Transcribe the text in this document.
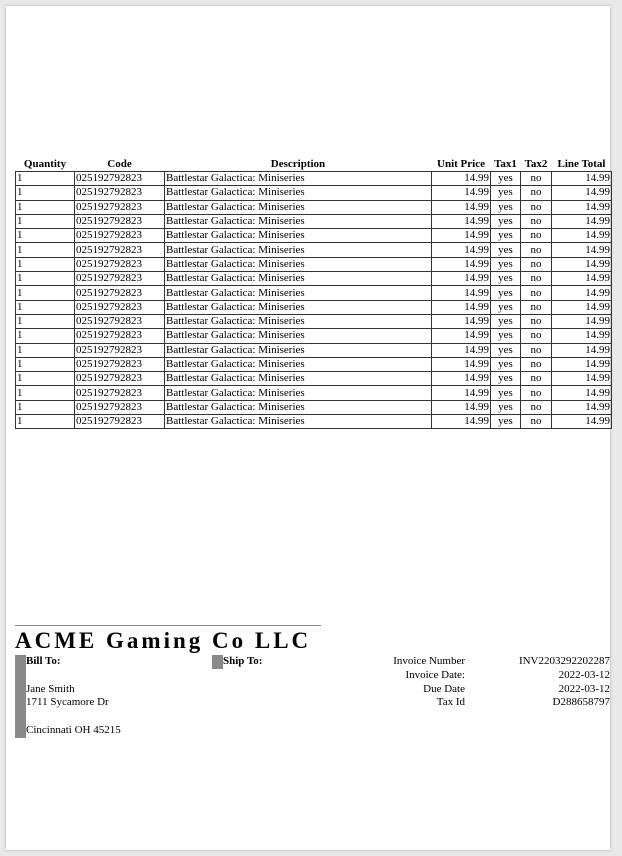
Quantity	Code	Description	Unit Price	Tax1	Tax2	Line Total
1	025192792823	Battlestar Galactica: Miniseries	14.99	yes	no	14.99
1	025192792823	Battlestar Galactica: Miniseries	14.99	yes	no	14.99
1	025192792823	Battlestar Galactica: Miniseries	14.99	yes	no	14.99
1	025192792823	Battlestar Galactica: Miniseries	14.99	yes	no	14.99
1	025192792823	Battlestar Galactica: Miniseries	14.99	yes	no	14.99
1	025192792823	Battlestar Galactica: Miniseries	14.99	yes	no	14.99
1	025192792823	Battlestar Galactica: Miniseries	14.99	yes	no	14.99
1	025192792823	Battlestar Galactica: Miniseries	14.99	yes	no	14.99
1	025192792823	Battlestar Galactica: Miniseries	14.99	yes	no	14.99
1	025192792823	Battlestar Galactica: Miniseries	14.99	yes	no	14.99
1	025192792823	Battlestar Galactica: Miniseries	14.99	yes	no	14.99
1	025192792823	Battlestar Galactica: Miniseries	14.99	yes	no	14.99
1	025192792823	Battlestar Galactica: Miniseries	14.99	yes	no	14.99
1	025192792823	Battlestar Galactica: Miniseries	14.99	yes	no	14.99
1	025192792823	Battlestar Galactica: Miniseries	14.99	yes	no	14.99
1	025192792823	Battlestar Galactica: Miniseries	14.99	yes	no	14.99
1	025192792823	Battlestar Galactica: Miniseries	14.99	yes	no	14.99
1	025192792823	Battlestar Galactica: Miniseries	14.99	yes	no	14.99
ACME Gaming Co LLC
Bill To:	Ship To:
Jane Smith
1711 Sycamore Dr
Cincinnati OH 45215
Invoice Number	INV2203292202287
Invoice Date:	2022-03-12
Due Date	2022-03-12
Tax Id	D288658797
